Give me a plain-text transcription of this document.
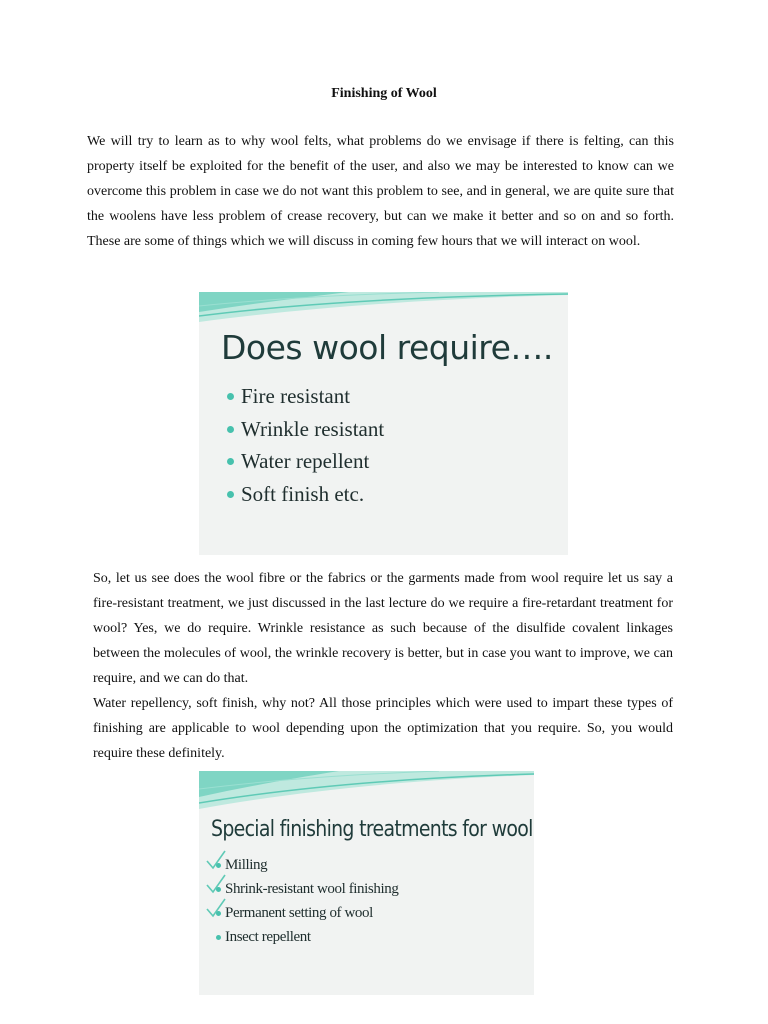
Finishing of Wool

We will try to learn as to why wool felts, what problems do we envisage if there is felting, can this property itself be exploited for the benefit of the user, and also we may be interested to know can we overcome this problem in case we do not want this problem to see, and in general, we are quite sure that the woolens have less problem of crease recovery, but can we make it better and so on and so forth. These are some of things which we will discuss in coming few hours that we will interact on wool.

Does wool require….
Fire resistant
Wrinkle resistant
Water repellent
Soft finish etc.

So, let us see does the wool fibre or the fabrics or the garments made from wool require let us say a fire-resistant treatment, we just discussed in the last lecture do we require a fire-retardant treatment for wool? Yes, we do require. Wrinkle resistance as such because of the disulfide covalent linkages between the molecules of wool, the wrinkle recovery is better, but in case you want to improve, we can require, and we can do that.

Water repellency, soft finish, why not? All those principles which were used to impart these types of finishing are applicable to wool depending upon the optimization that you require. So, you would require these definitely.

Special finishing treatments for wool
Milling
Shrink-resistant wool finishing
Permanent setting of wool
Insect repellent
